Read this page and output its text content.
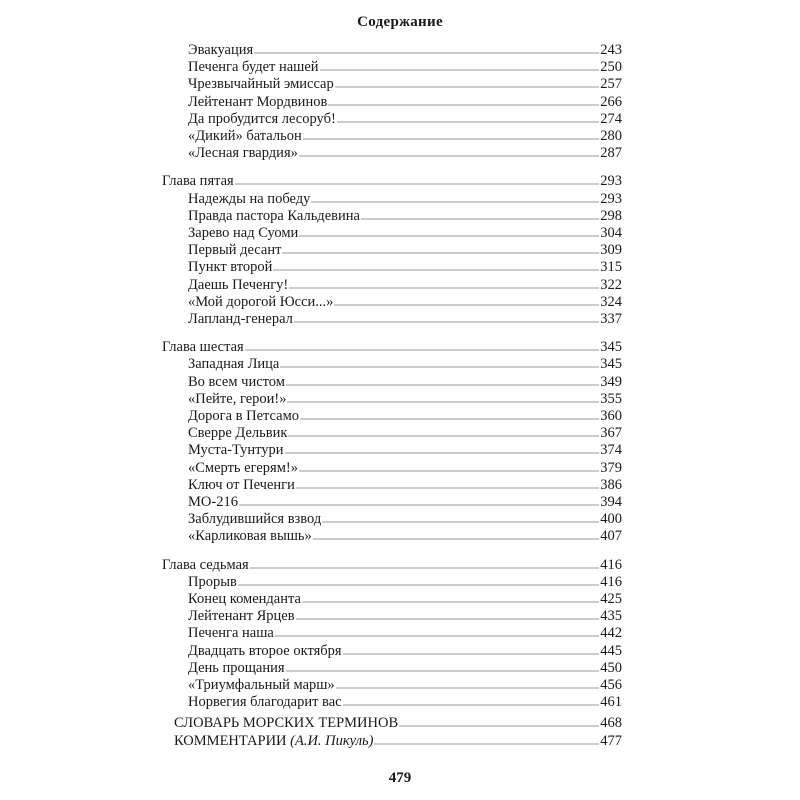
Содержание
Эвакуация	243
Печенга будет нашей	250
Чрезвычайный эмиссар	257
Лейтенант Мордвинов	266
Да пробудится лесоруб!	274
«Дикий» батальон	280
«Лесная гвардия»	287
Глава пятая	293
Надежды на победу	293
Правда пастора Кальдевина	298
Зарево над Суоми	304
Первый десант	309
Пункт второй	315
Даешь Печенгу!	322
«Мой дорогой Юсси...»	324
Лапланд-генерал	337
Глава шестая	345
Западная Лица	345
Во всем чистом	349
«Пейте, герои!»	355
Дорога в Петсамо	360
Сверре Дельвик	367
Муста-Тунтури	374
«Смерть егерям!»	379
Ключ от Печенги	386
МО-216	394
Заблудившийся взвод	400
«Карликовая вышь»	407
Глава седьмая	416
Прорыв	416
Конец коменданта	425
Лейтенант Ярцев	435
Печенга наша	442
Двадцать второе октября	445
День прощания	450
«Триумфальный марш»	456
Норвегия благодарит вас	461
СЛОВАРЬ МОРСКИХ ТЕРМИНОВ	468
КОММЕНТАРИИ (А.И. Пикуль)	477
479
